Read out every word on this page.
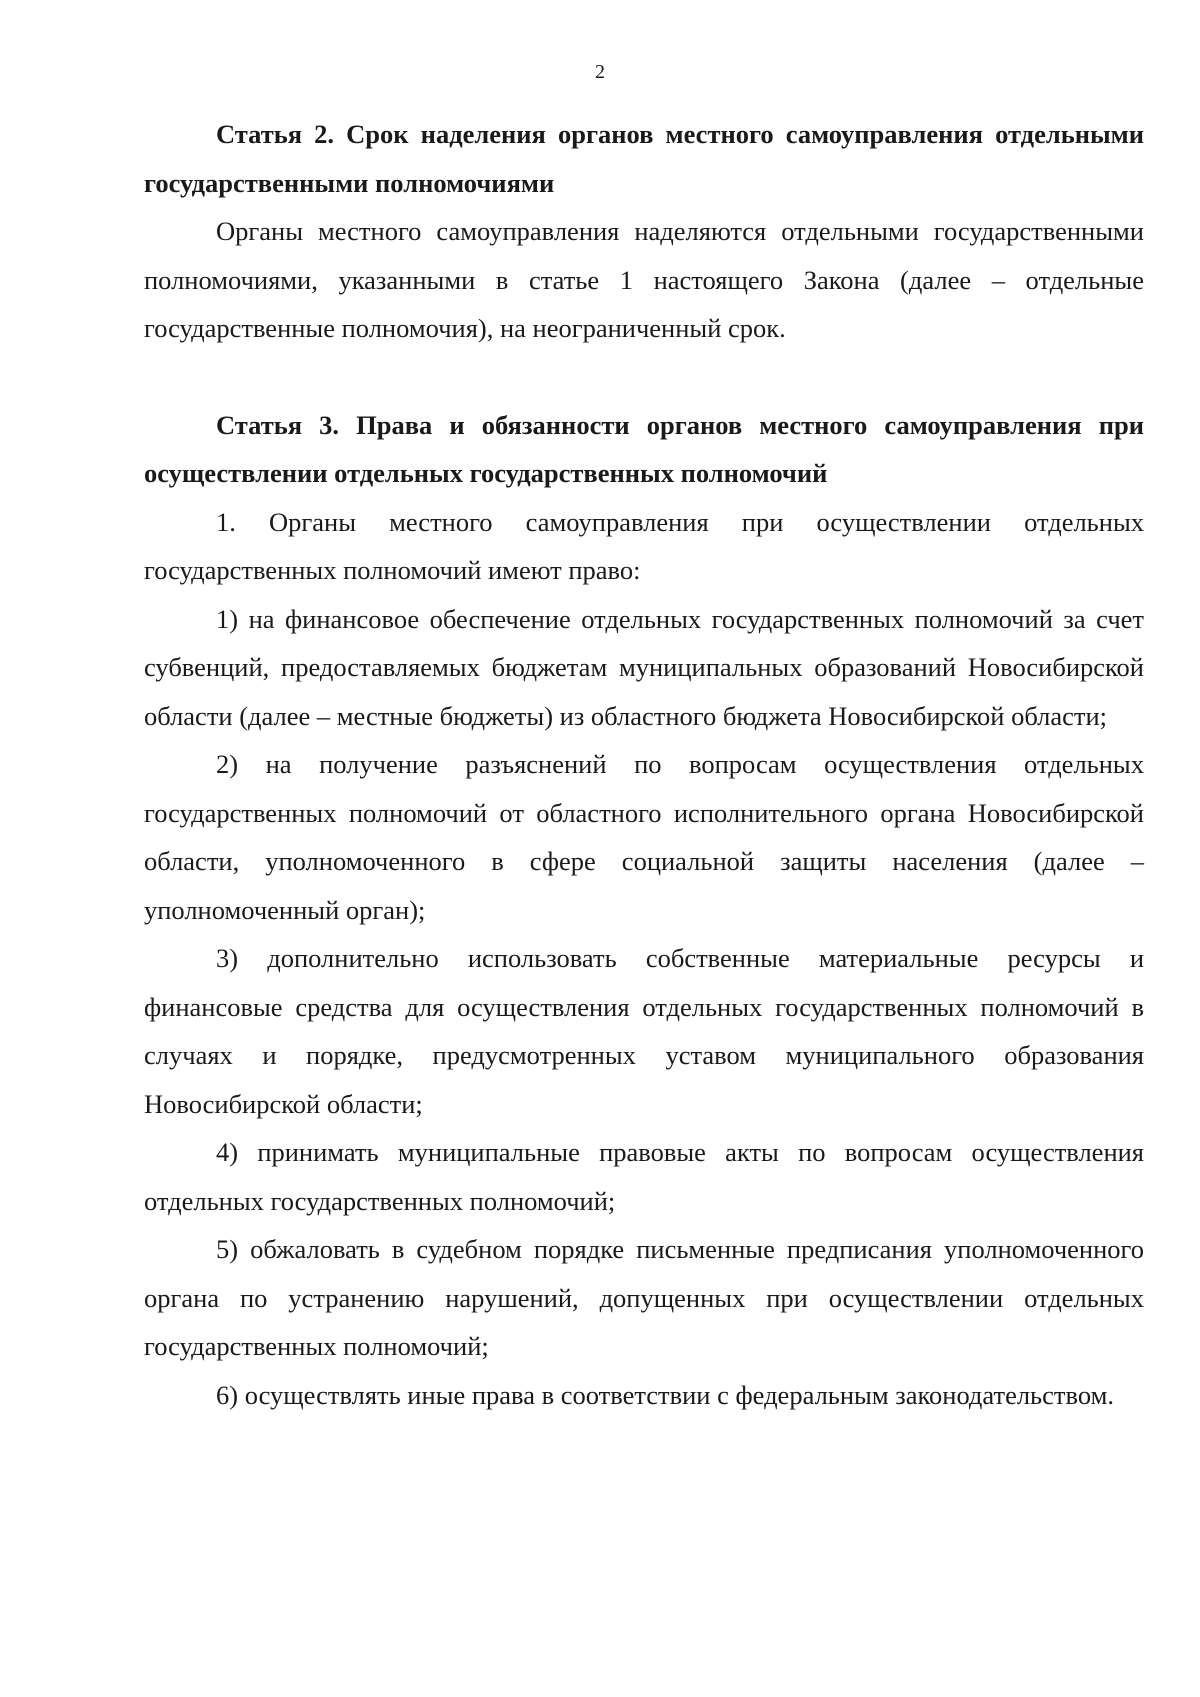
2

Статья 2. Срок наделения органов местного самоуправления отдельными государственными полномочиями

Органы местного самоуправления наделяются отдельными государственными полномочиями, указанными в статье 1 настоящего Закона (далее – отдельные государственные полномочия), на неограниченный срок.

Статья 3. Права и обязанности органов местного самоуправления при осуществлении отдельных государственных полномочий

1. Органы местного самоуправления при осуществлении отдельных государственных полномочий имеют право:

1) на финансовое обеспечение отдельных государственных полномочий за счет субвенций, предоставляемых бюджетам муниципальных образований Новосибирской области (далее – местные бюджеты) из областного бюджета Новосибирской области;

2) на получение разъяснений по вопросам осуществления отдельных государственных полномочий от областного исполнительного органа Новосибирской области, уполномоченного в сфере социальной защиты населения (далее – уполномоченный орган);

3) дополнительно использовать собственные материальные ресурсы и финансовые средства для осуществления отдельных государственных полномочий в случаях и порядке, предусмотренных уставом муниципального образования Новосибирской области;

4) принимать муниципальные правовые акты по вопросам осуществления отдельных государственных полномочий;

5) обжаловать в судебном порядке письменные предписания уполномоченного органа по устранению нарушений, допущенных при осуществлении отдельных государственных полномочий;

6) осуществлять иные права в соответствии с федеральным законодательством.
